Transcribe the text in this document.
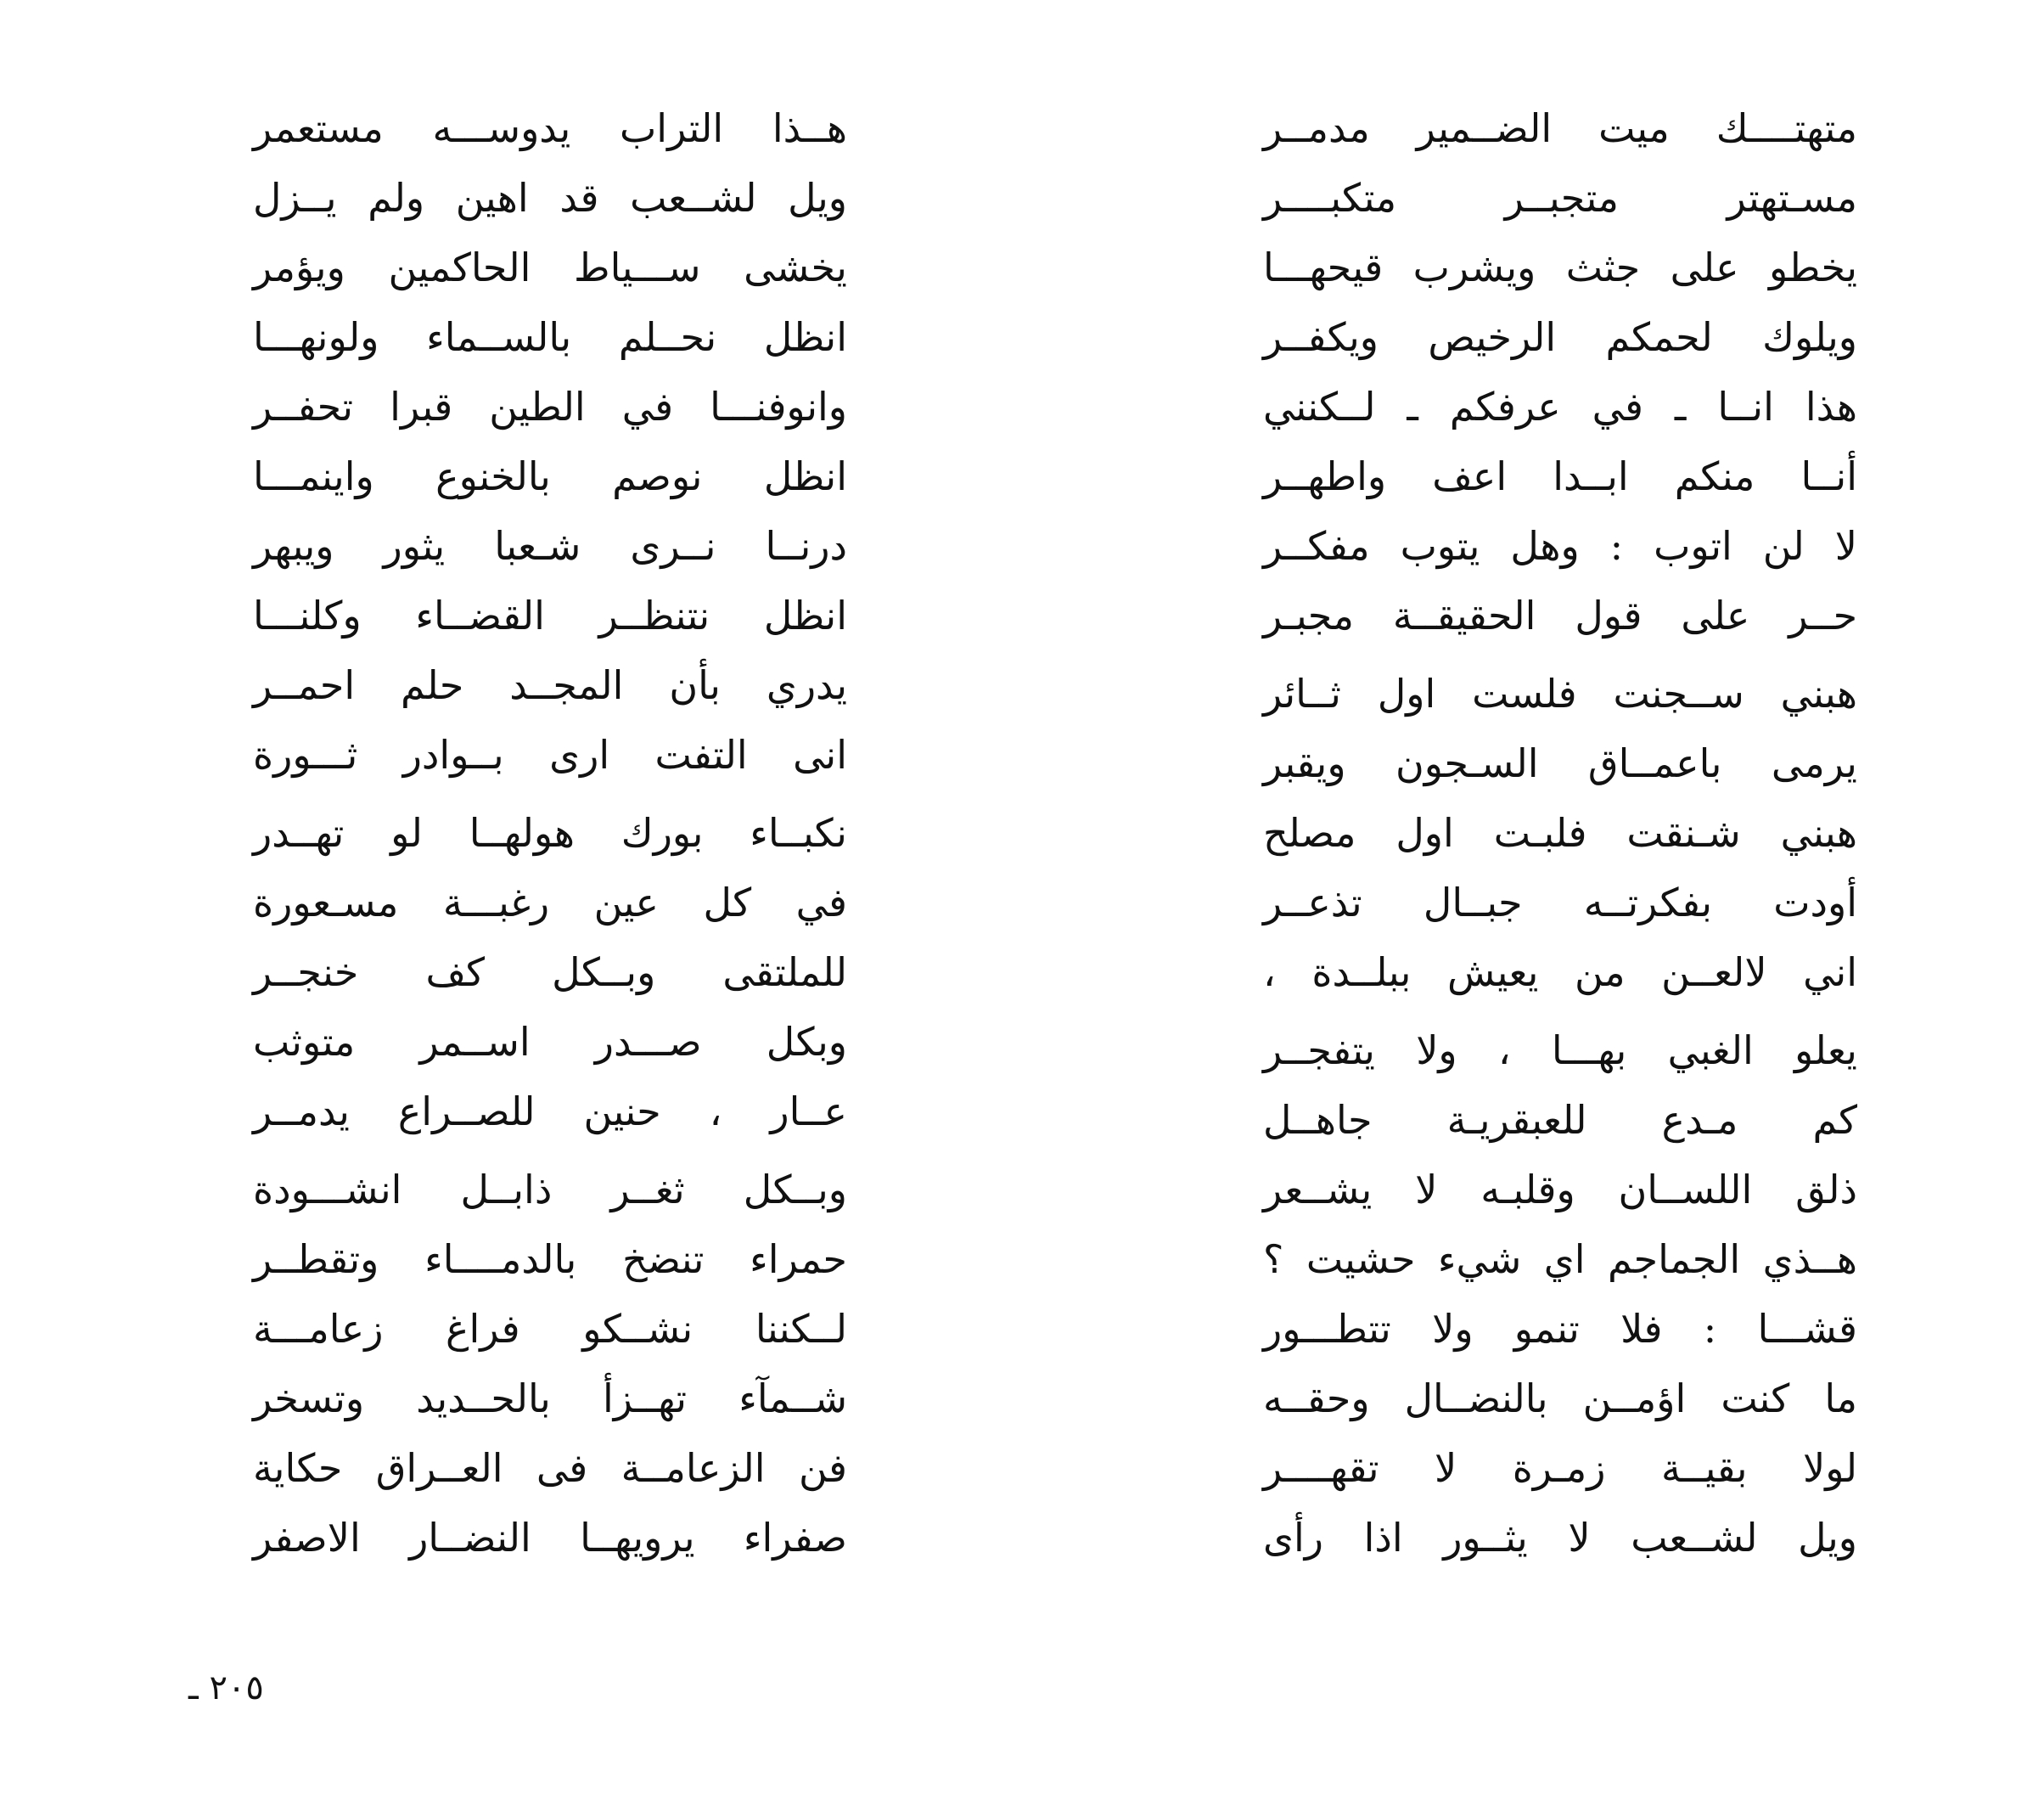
متهتــــك ميت الضــمير مدمــر
مسـتهتر متجبــر متكبــــر
يخطو على جثث ويشرب قيحهـــا
ويلوك لحمكم الرخيص ويكفــر
هذا انــا ـ في عرفكم ـ لــكنني
أنــا منكم ابــدا اعف واطهــر
لا لن اتوب : وهل يتوب مفكــر
حــر على قول الحقيقــة مجبـر
هبني ســجنت فلست اول ثــائر
يرمى باعمــاق السـجون ويقبر
هبني شـنقت فلبـت اول مصلح
أودت بفكرتــه جبــال تذعــر
اني لالعــن من يعيش ببلــدة ،
يعلو الغبي بهـــا ، ولا يتفجــر
كم مـدع للعبقريـة جاهــل
ذلق اللســان وقلبـه لا يشــعر
هــذي الجماجم اي شيء حشيت ؟
قشـــا : فلا تنمو ولا تتطـــور
ما كنت اؤمــن بالنضــال وحقــه
لولا بقيــة زمـرة لا تقهــــر
ويل لشــعب لا يثــور اذا رأى
هــذا التراب يدوســـه مستعمر
ويل لشــعب قد اهين ولم يــزل
يخشى ســـياط الحاكمين ويؤمر
انظل نحــلم بالســماء ولونهـــا
وانوفنـــا في الطين قبرا تحفــر
انظل نوصم بالخنوع واينمـــا
درنــا نــرى شـعبا يثور ويبهر
انظل نتنظــر القضــاء وكلنـــا
يدري بأن المجــد حلم احمــر
انى التفت ارى بــوادر ثـــورة
نكبــاء بورك هولهــا لو تهــدر
في كل عين رغبـــة مسـعورة
للملتقى وبــكل كف خنجــر
وبكل صـــدر اســمر متوثب
عــار ، حنين للصــراع يدمــر
وبــكل ثغــر ذابــل انشـــودة
حمراء تنضخ بالدمــــاء وتقطــر
لــكننا نشــكو فراغ زعامـــة
شــمآء تهــزأ بالحــديد وتسخر
فن الزعامــة فى العــراق حكاية
صفراء يرويهــا النضــار الاصفر
٢٠٥ ـ
